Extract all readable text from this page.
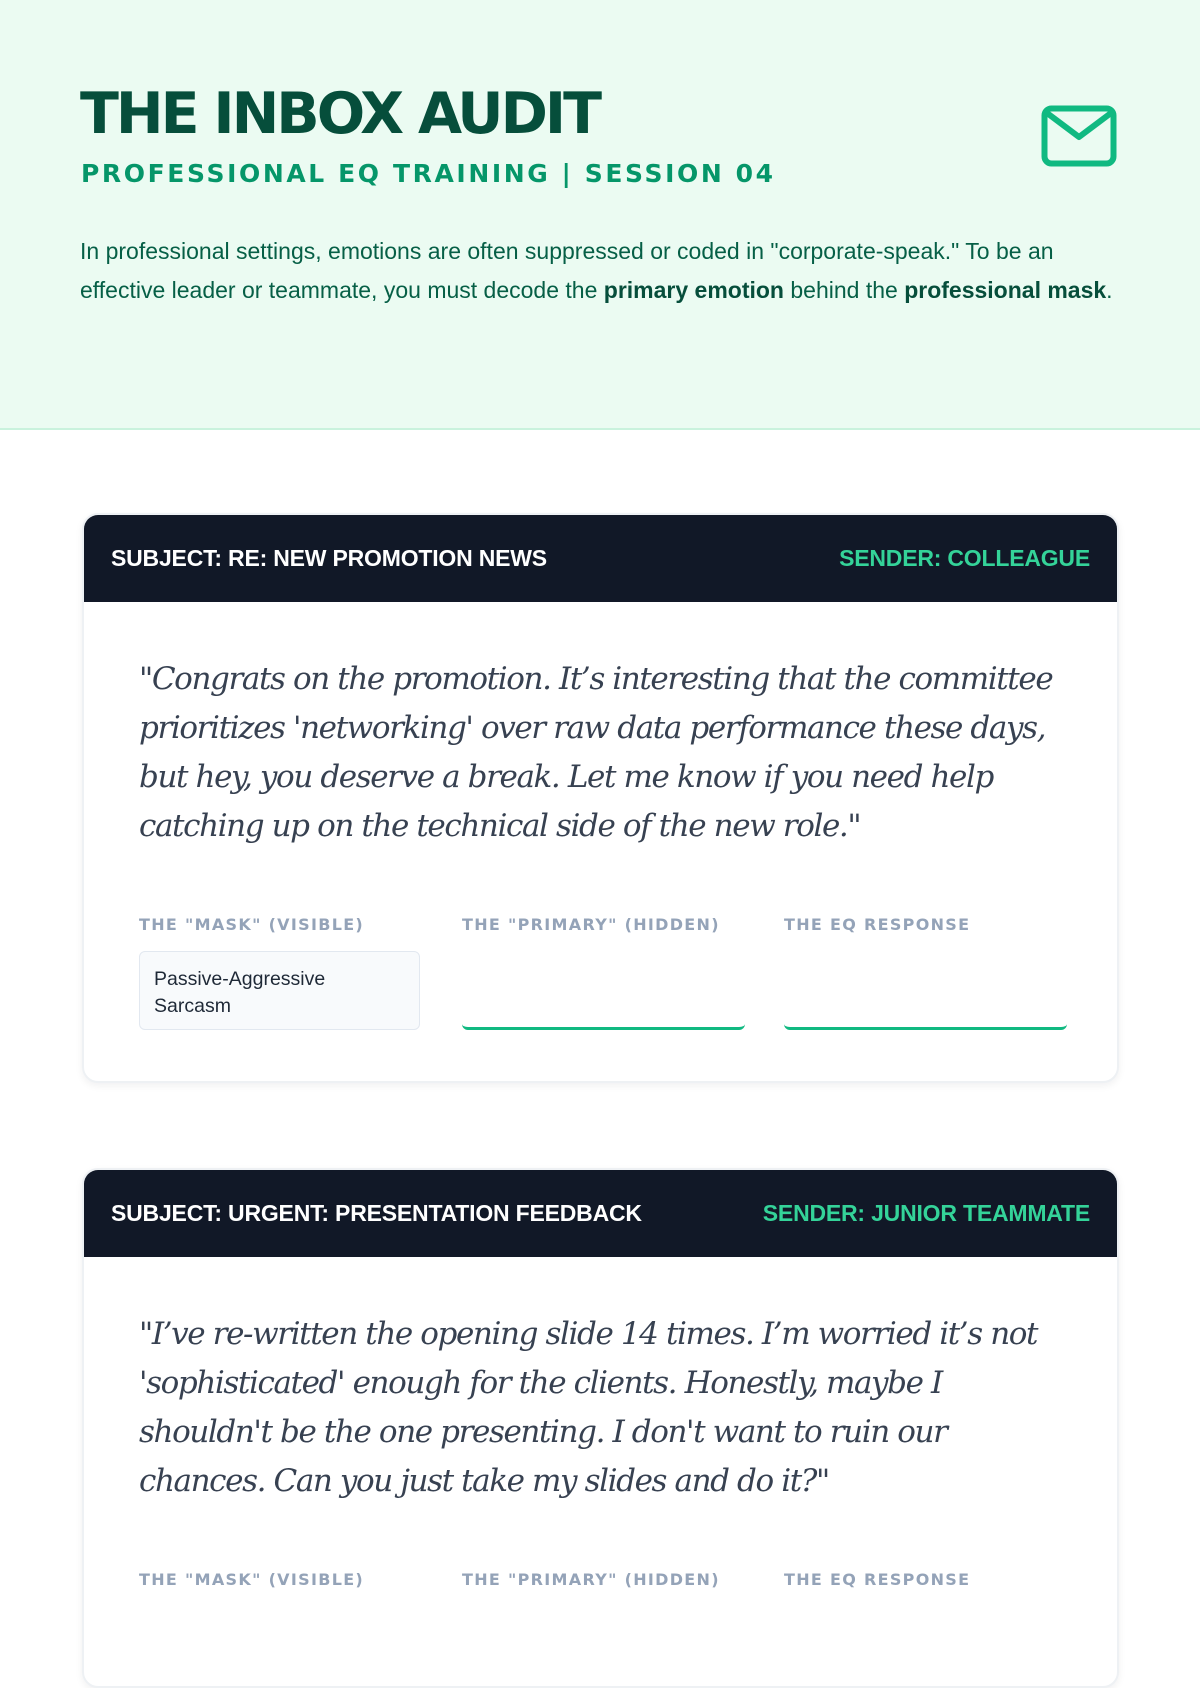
THE INBOX AUDIT
PROFESSIONAL EQ TRAINING | SESSION 04

In professional settings, emotions are often suppressed or coded in "corporate-speak." To be an effective leader or teammate, you must decode the primary emotion behind the professional mask.

SUBJECT: RE: NEW PROMOTION NEWS	SENDER: COLLEAGUE
"Congrats on the promotion. It’s interesting that the committee prioritizes 'networking' over raw data performance these days, but hey, you deserve a break. Let me know if you need help catching up on the technical side of the new role."
THE "MASK" (VISIBLE)	THE "PRIMARY" (HIDDEN)	THE EQ RESPONSE
Passive-Aggressive Sarcasm
SUBJECT: URGENT: PRESENTATION FEEDBACK	SENDER: JUNIOR TEAMMATE
"I’ve re-written the opening slide 14 times. I’m worried it’s not 'sophisticated' enough for the clients. Honestly, maybe I shouldn't be the one presenting. I don't want to ruin our chances. Can you just take my slides and do it?"
THE "MASK" (VISIBLE)	THE "PRIMARY" (HIDDEN)	THE EQ RESPONSE
